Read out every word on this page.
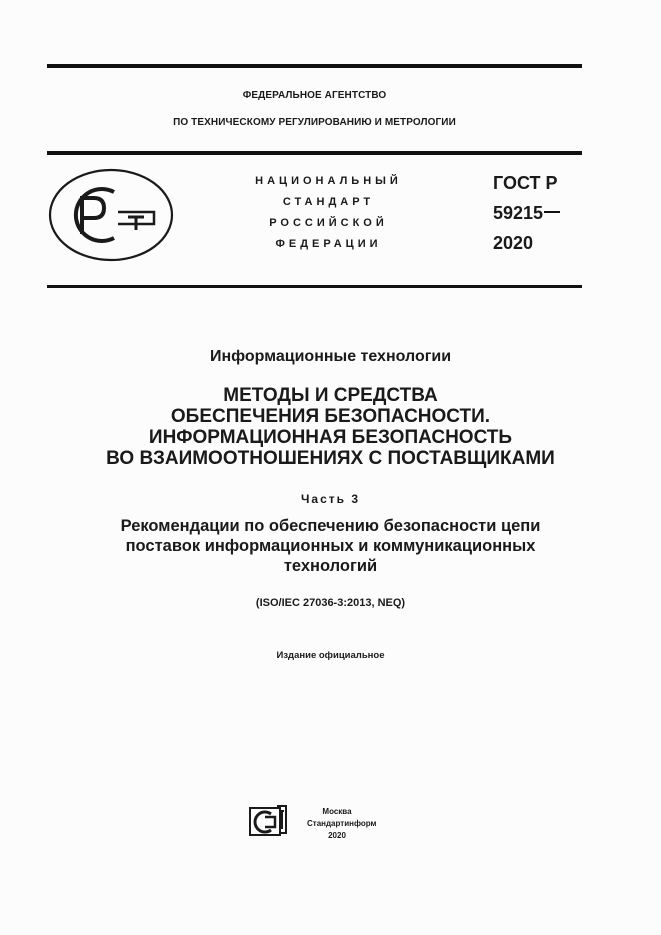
ФЕДЕРАЛЬНОЕ АГЕНТСТВО
ПО ТЕХНИЧЕСКОМУ РЕГУЛИРОВАНИЮ И МЕТРОЛОГИИ
НАЦИОНАЛЬНЫЙ
СТАНДАРТ
РОССИЙСКОЙ
ФЕДЕРАЦИИ
ГОСТ Р
59215
2020
Информационные технологии
МЕТОДЫ И СРЕДСТВА
ОБЕСПЕЧЕНИЯ БЕЗОПАСНОСТИ.
ИНФОРМАЦИОННАЯ БЕЗОПАСНОСТЬ
ВО ВЗАИМООТНОШЕНИЯХ С ПОСТАВЩИКАМИ
Часть 3
Рекомендации по обеспечению безопасности цепи
поставок информационных и коммуникационных
технологий
(ISO/IEC 27036-3:2013, NEQ)
Издание официальное
Москва
Стандартинформ
2020
